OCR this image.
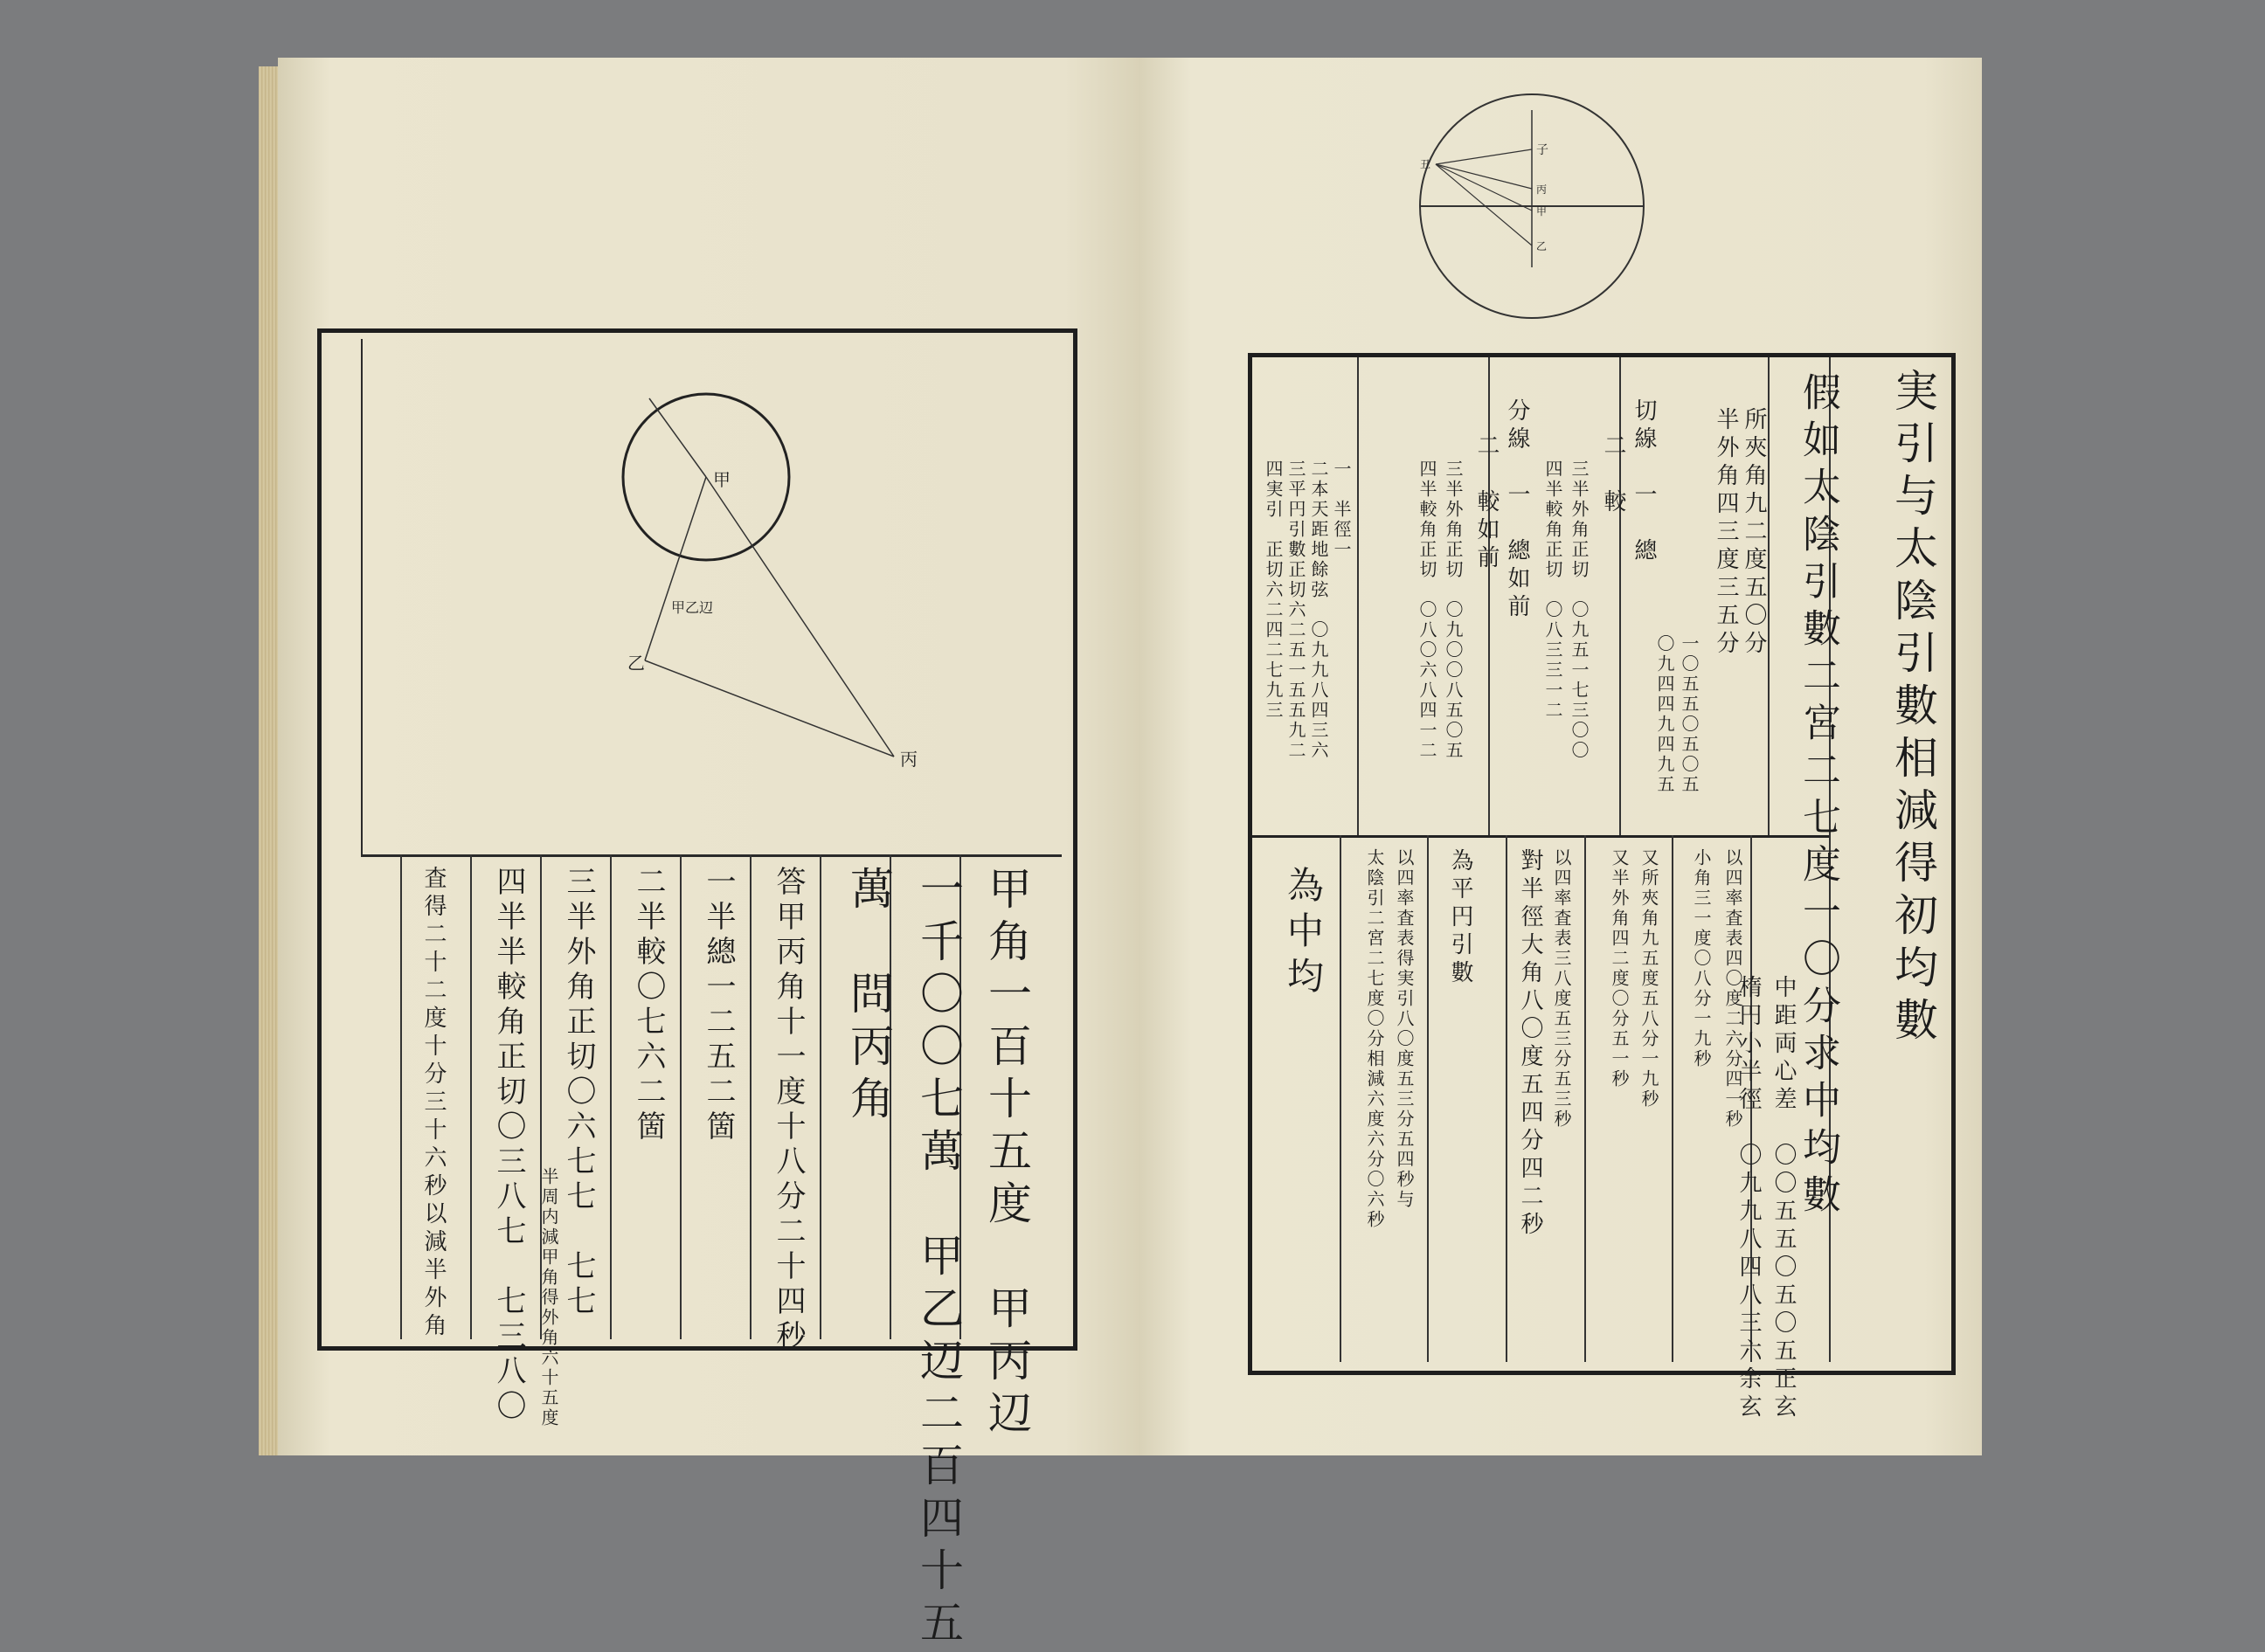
甲
乙
丙
甲乙辺
甲角一百十五度　甲丙辺
一千〇〇七萬　甲乙辺二百四十五
萬　問丙角
答甲丙角十一度十八分二十四秒
一半總一二五二箇
二半較〇七六二箇
三半外角正切〇六七七　七七
四半半較角正切〇三八七　七三八〇
査得二十二度十分三十六秒以減半外角	半周内減甲角得外角六十五度
子
丙
甲
乙
丑
実引与太陰引數相減得初均數
假如太陰引數二宮二七度一〇分求中均數
中距両心差　〇〇五五〇五〇五正玄
楕円小半徑　〇九九八四八三六余玄
所夾角九二度五〇分
半外角四三度三五分
一〇五五〇五〇五
〇九四四九四九五
切線　一　總
二　較
三半外角正切　〇九五一七三〇〇
四半較角正切　〇八三三一二
分線　一　總如前
二　較如前
三半外角正切　〇九〇〇八五〇五
四半較角正切　〇八〇六八四一二
一　半徑一
二本天距地餘弦　〇九九八四三六
三平円引數正切六二五一五五九二
四実引　正切六二四二七九三
以四率査表四〇度二六分四一秒
小角三一度〇八分一九秒
又所夾角九五度五八分一九秒
又半外角四二度〇分五一秒
以四率査表三八度五三分五三秒
對半徑大角八〇度五四分四二秒
為平円引數
以四率査表得実引八〇度五三分五四秒与
太陰引二宮二七度〇分相減六度六分〇六秒
為中均
